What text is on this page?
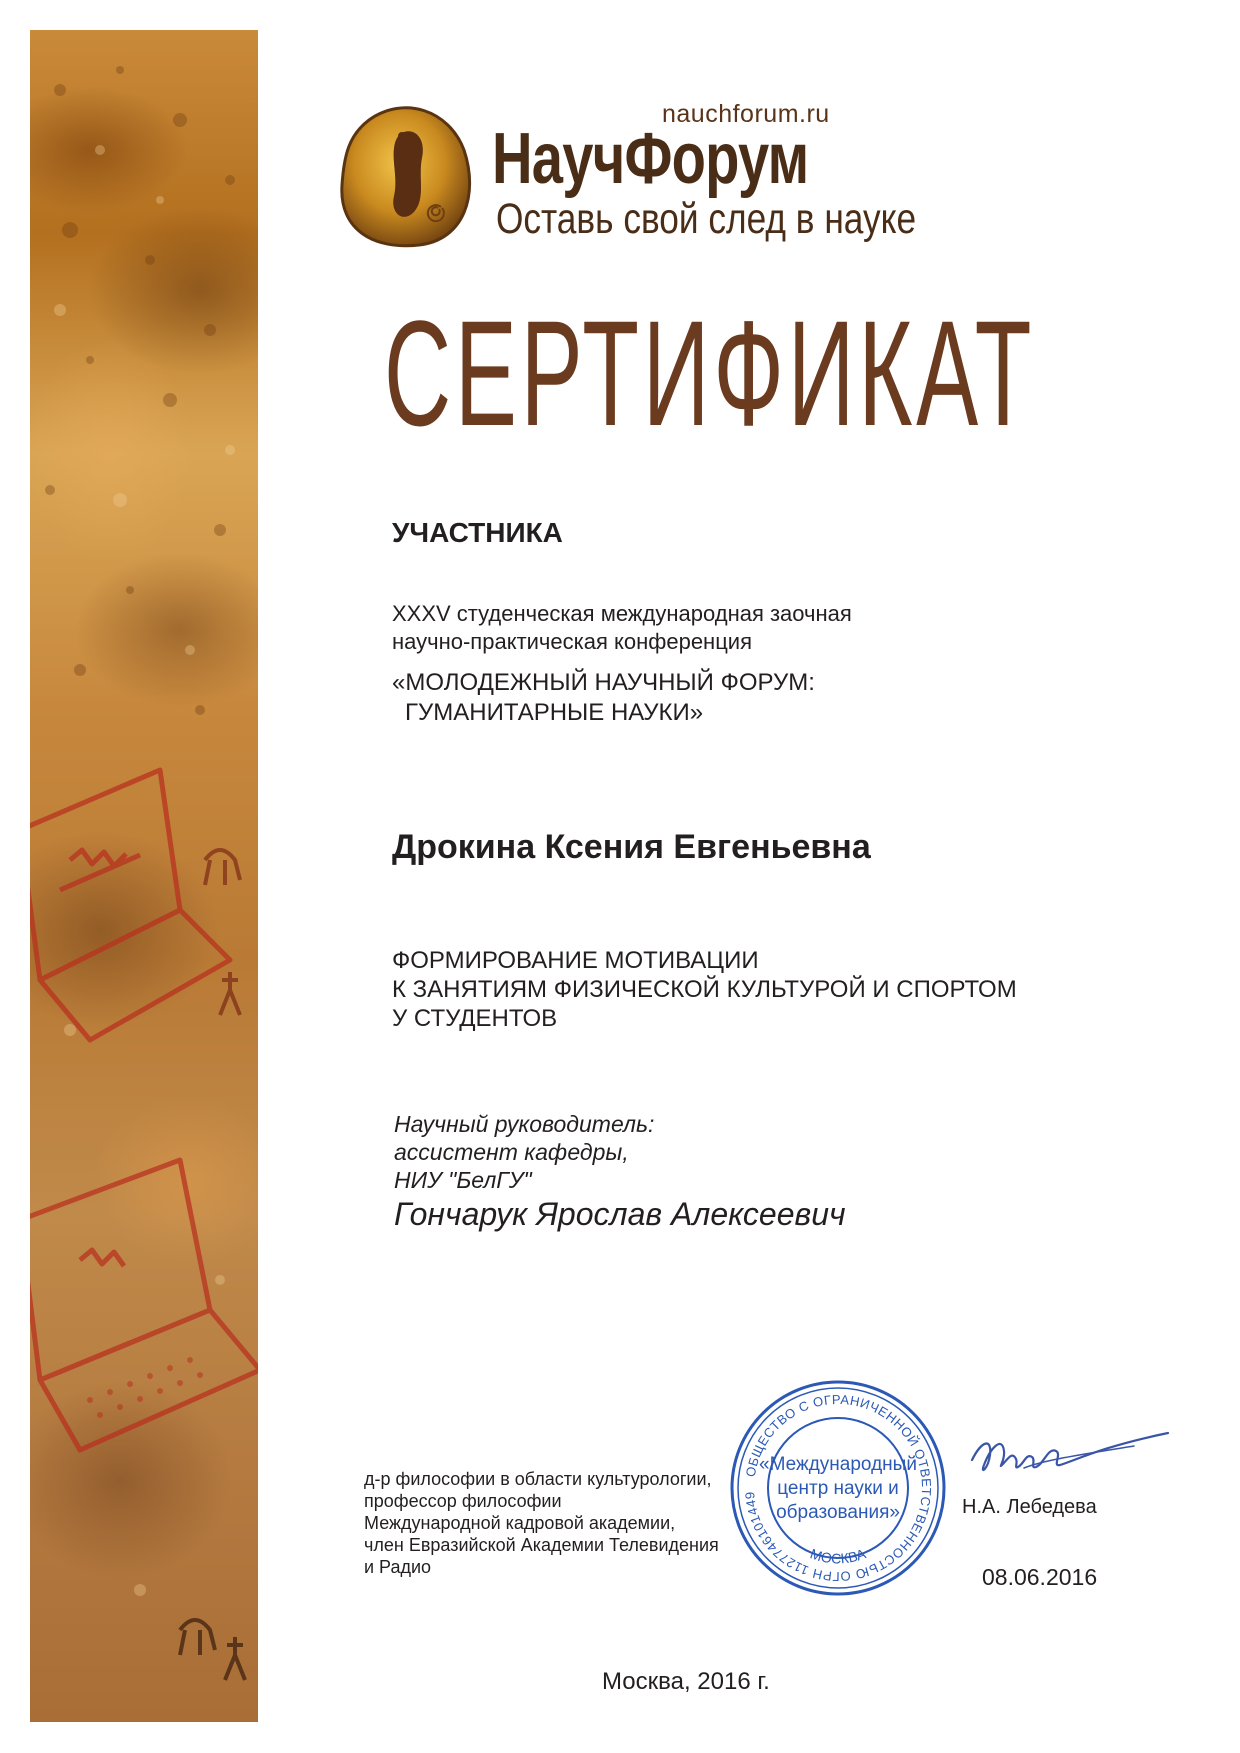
nauchforum.ru
НаучФорум
Оставь свой след в науке
СЕРТИФИКАТ
УЧАСТНИКА
XXXV студенческая международная заочная
научно-практическая конференция
«МОЛОДЕЖНЫЙ НАУЧНЫЙ ФОРУМ:
ГУМАНИТАРНЫЕ НАУКИ»
Дрокина Ксения Евгеньевна
ФОРМИРОВАНИЕ МОТИВАЦИИ
К ЗАНЯТИЯМ ФИЗИЧЕСКОЙ КУЛЬТУРОЙ И СПОРТОМ
У СТУДЕНТОВ
Научный руководитель:
ассистент кафедры,
НИУ "БелГУ"
Гончарук Ярослав Алексеевич
д-р философии в области культурологии,
профессор философии
Международной кадровой академии,
член Евразийской Академии Телевидения
и Радио
ОБЩЕСТВО С ОГРАНИЧЕННОЙ ОТВЕТСТВЕННОСТЬЮ ОГРН 1127746101449
МОСКВА
«Международный
центр науки и
образования»	Н.А. Лебедева
08.06.2016
Москва, 2016 г.
